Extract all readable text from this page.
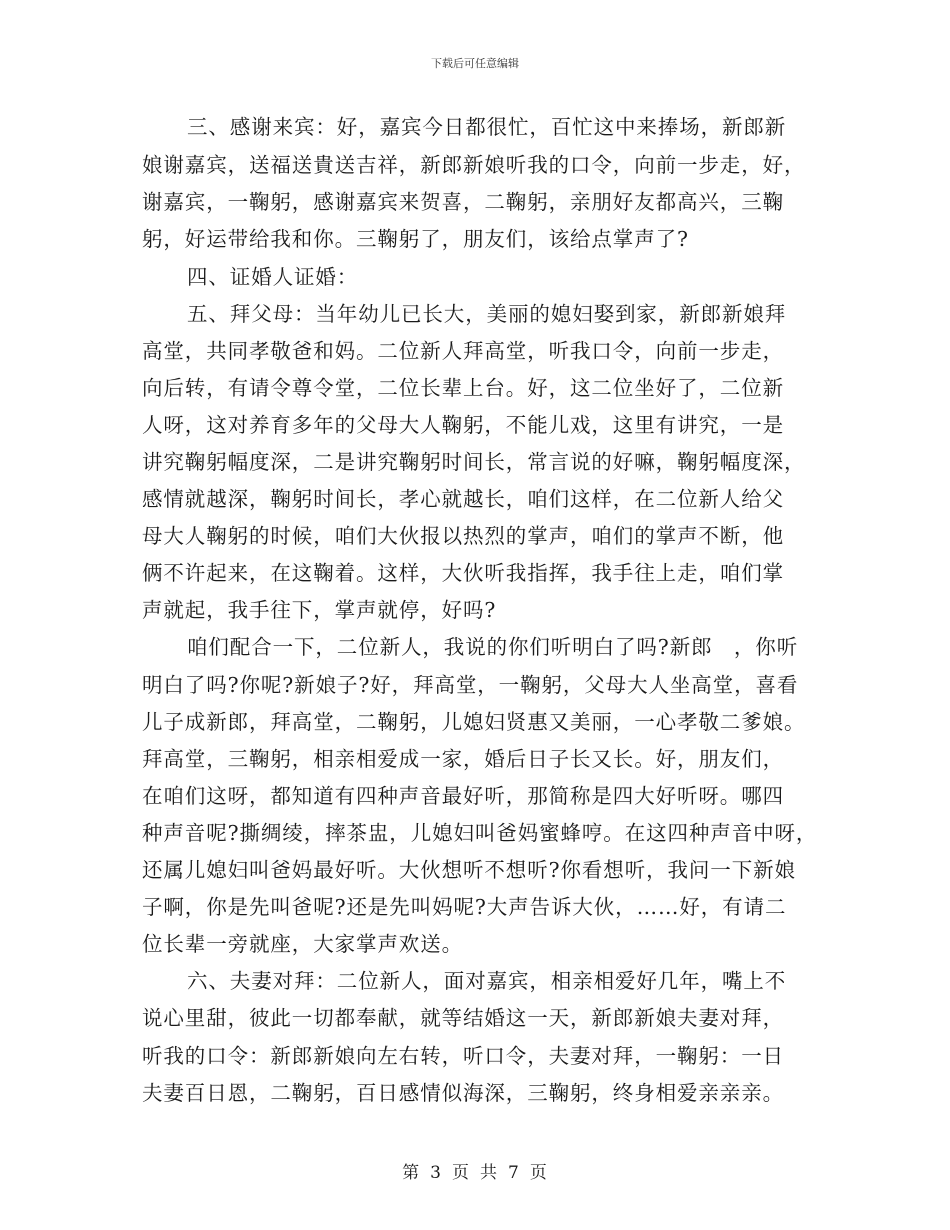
下载后可任意编辑
三、感谢来宾：好，嘉宾今日都很忙，百忙这中来捧场，新郎新
娘谢嘉宾，送福送貴送吉祥，新郎新娘听我的口令，向前一步走，好，
谢嘉宾，一鞠躬，感谢嘉宾来贺喜，二鞠躬，亲朋好友都高兴，三鞠
躬，好运带给我和你。三鞠躬了，朋友们，该给点掌声了?
四、证婚人证婚：
五、拜父母：当年幼儿已长大，美丽的媳妇娶到家，新郎新娘拜
高堂，共同孝敬爸和妈。二位新人拜高堂，听我口令，向前一步走，
向后转，有请令尊令堂，二位长辈上台。好，这二位坐好了，二位新
人呀，这对养育多年的父母大人鞠躬，不能儿戏，这里有讲究，一是
讲究鞠躬幅度深，二是讲究鞠躬时间长，常言说的好嘛，鞠躬幅度深，
感情就越深，鞠躬时间长，孝心就越长，咱们这样，在二位新人给父
母大人鞠躬的时候，咱们大伙报以热烈的掌声，咱们的掌声不断，他
俩不许起来，在这鞠着。这样，大伙听我指挥，我手往上走，咱们掌
声就起，我手往下，掌声就停，好吗?
咱们配合一下，二位新人，我说的你们听明白了吗?新郎　，你听
明白了吗?你呢?新娘子?好，拜高堂，一鞠躬，父母大人坐高堂，喜看
儿子成新郎，拜高堂，二鞠躬，儿媳妇贤惠又美丽，一心孝敬二爹娘。
拜高堂，三鞠躬，相亲相爱成一家，婚后日子长又长。好，朋友们，
在咱们这呀，都知道有四种声音最好听，那简称是四大好听呀。哪四
种声音呢?撕绸绫，摔茶盅，儿媳妇叫爸妈蜜蜂哼。在这四种声音中呀，
还属儿媳妇叫爸妈最好听。大伙想听不想听?你看想听，我问一下新娘
子啊，你是先叫爸呢?还是先叫妈呢?大声告诉大伙，……好，有请二
位长辈一旁就座，大家掌声欢送。
六、夫妻对拜：二位新人，面对嘉宾，相亲相爱好几年，嘴上不
说心里甜，彼此一切都奉献，就等结婚这一天，新郎新娘夫妻对拜，
听我的口令：新郎新娘向左右转，听口令，夫妻对拜，一鞠躬：一日
夫妻百日恩，二鞠躬，百日感情似海深，三鞠躬，终身相爱亲亲亲。
第 3 页 共 7 页
